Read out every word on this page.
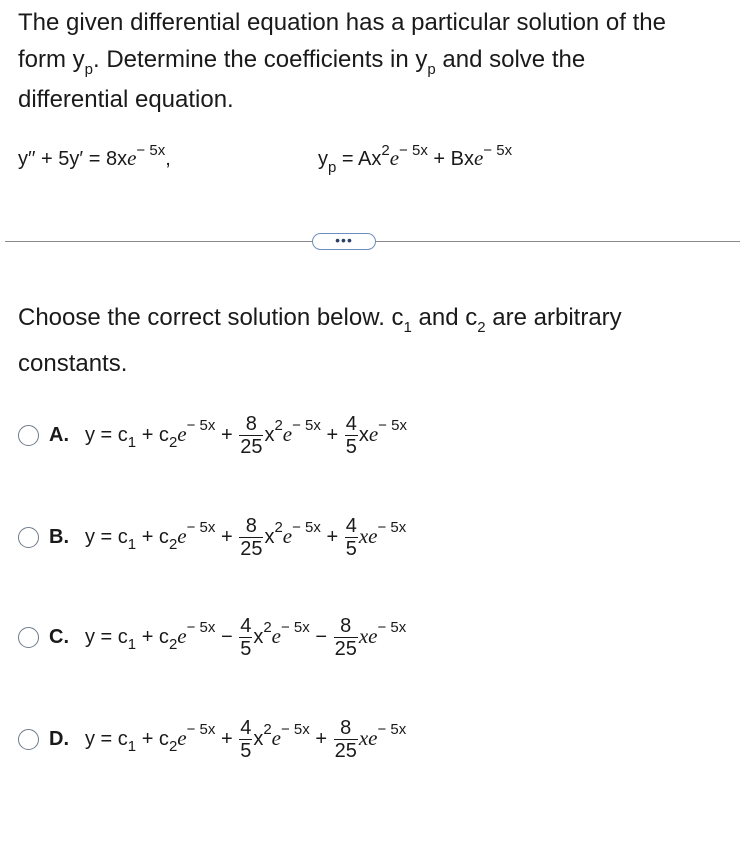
The given differential equation has a particular solution of the
form $y_p$. Determine the coefficients in $y_p$ and solve the
differential equation.

$y'' + 5y' = 8xe^{- 5x}$,	$y_p = Ax^2e^{- 5x} + Bxe^{- 5x}$
•••

Choose the correct solution below. $c_1$ and $c_2$ are arbitrary constants.

A. $y = c_1 + c_2e^{- 5x} + \frac{8}{25} x^2e^{- 5x} + \frac{4}{5} xe^{- 5x}$
B. $y = c_1 + c_2e^{- 5x} + \frac{8}{25} x^2e^{- 5x} + \frac{4}{5} xe^{- 5x}$
C. $y = c_1 + c_2e^{- 5x} - \frac{4}{5} x^2e^{- 5x} - \frac{8}{25} xe^{- 5x}$
D. $y = c_1 + c_2e^{- 5x} + \frac{4}{5} x^2e^{- 5x} + \frac{8}{25} xe^{- 5x}$
